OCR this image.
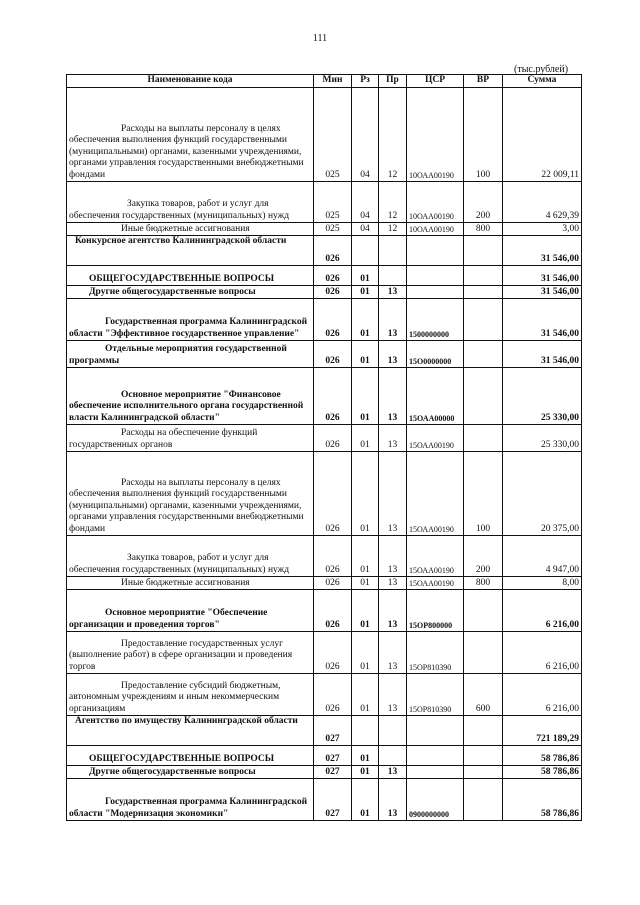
111
(тыс.рублей)
Наименование кода	Мин	Рз	Пр	ЦСР	ВР	Сумма
Расходы на выплаты персоналу в целях обеспечения выполнения функций государственными (муниципальными) органами, казенными учреждениями, органами управления государственными внебюджетными фондами	025	04	12	10ОАА00190	100	22 009,11
Закупка товаров, работ и услуг для обеспечения государственных (муниципальных) нужд	025	04	12	10ОАА00190	200	4 629,39
Иные бюджетные ассигнования	025	04	12	10ОАА00190	800	3,00
Конкурсное агентство Калининградской области	026					31 546,00
ОБЩЕГОСУДАРСТВЕННЫЕ ВОПРОСЫ	026	01				31 546,00
Другие общегосударственные вопросы	026	01	13			31 546,00
Государственная программа Калининградской области "Эффективное государственное управление"	026	01	13	1500000000		31 546,00
Отдельные мероприятия государственной программы	026	01	13	15О0000000		31 546,00
Основное мероприятие "Финансовое обеспечение исполнительного органа государственной власти Калининградской области"	026	01	13	15ОАА00000		25 330,00
Расходы на обеспечение функций государственных органов	026	01	13	15ОАА00190		25 330,00
Расходы на выплаты персоналу в целях обеспечения выполнения функций государственными (муниципальными) органами, казенными учреждениями, органами управления государственными внебюджетными фондами	026	01	13	15ОАА00190	100	20 375,00
Закупка товаров, работ и услуг для обеспечения государственных (муниципальных) нужд	026	01	13	15ОАА00190	200	4 947,00
Иные бюджетные ассигнования	026	01	13	15ОАА00190	800	8,00
Основное мероприятие "Обеспечение организации и проведения торгов"	026	01	13	15ОР800000		6 216,00
Предоставление государственных услуг (выполнение работ) в сфере организации и проведения торгов	026	01	13	15ОР810390		6 216,00
Предоставление субсидий бюджетным, автономным учреждениям и иным некоммерческим организациям	026	01	13	15ОР810390	600	6 216,00
Агентство по имуществу Калининградской области	027					721 189,29
ОБЩЕГОСУДАРСТВЕННЫЕ ВОПРОСЫ	027	01				58 786,86
Другие общегосударственные вопросы	027	01	13			58 786,86
Государственная программа Калининградской области "Модернизация экономики"	027	01	13	0900000000		58 786,86
